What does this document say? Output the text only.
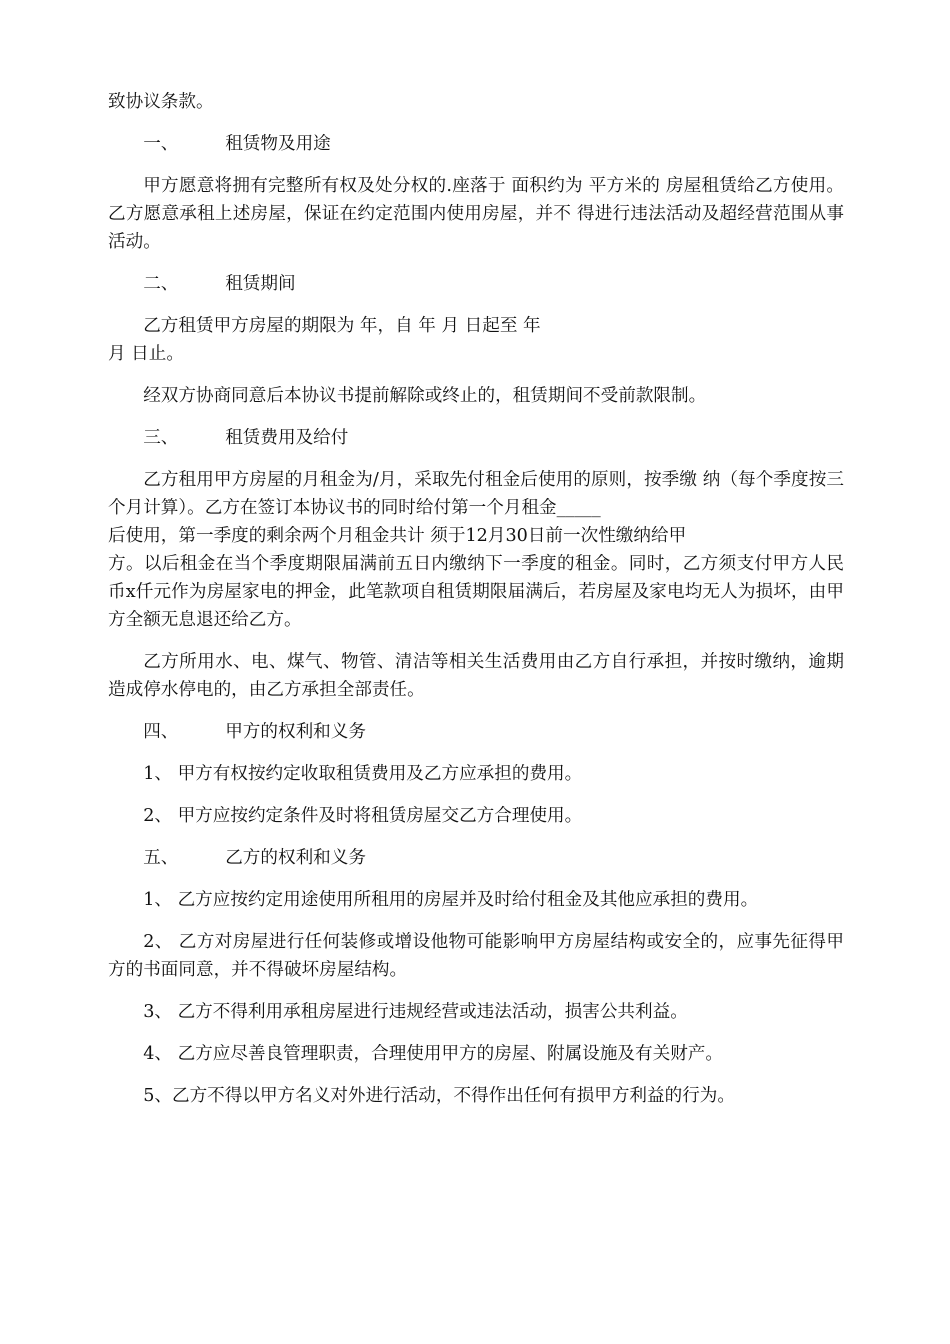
致协议条款。

一、	租赁物及用途

甲方愿意将拥有完整所有权及处分权的.座落于 面积约为 平方米的 房屋租赁给乙方使用。乙方愿意承租上述房屋，保证在约定范围内使用房屋，并不 得进行违法活动及超经营范围从事活动。

二、	租赁期间

乙方租赁甲方房屋的期限为 年，自 年 月 日起至 年
月 日止。

经双方协商同意后本协议书提前解除或终止的，租赁期间不受前款限制。

三、	租赁费用及给付

乙方租用甲方房屋的月租金为/月，采取先付租金后使用的原则，按季缴 纳（每个季度按三个月计算）。乙方在签订本协议书的同时给付第一个月租金_____
后使用，第一季度的剩余两个月租金共计 须于12月30日前一次性缴纳给甲
方。以后租金在当个季度期限届满前五日内缴纳下一季度的租金。同时，乙方须支付甲方人民币x仟元作为房屋家电的押金，此笔款项自租赁期限届满后，若房屋及家电均无人为损坏，由甲方全额无息退还给乙方。

乙方所用水、电、煤气、物管、清洁等相关生活费用由乙方自行承担，并按时缴纳，逾期造成停水停电的，由乙方承担全部责任。

四、	甲方的权利和义务

1、 甲方有权按约定收取租赁费用及乙方应承担的费用。

2、 甲方应按约定条件及时将租赁房屋交乙方合理使用。

五、	乙方的权利和义务

1、 乙方应按约定用途使用所租用的房屋并及时给付租金及其他应承担的费用。

2、 乙方对房屋进行任何装修或增设他物可能影响甲方房屋结构或安全的，应事先征得甲方的书面同意，并不得破坏房屋结构。

3、 乙方不得利用承租房屋进行违规经营或违法活动，损害公共利益。

4、 乙方应尽善良管理职责，合理使用甲方的房屋、附属设施及有关财产。

5、乙方不得以甲方名义对外进行活动，不得作出任何有损甲方利益的行为。
